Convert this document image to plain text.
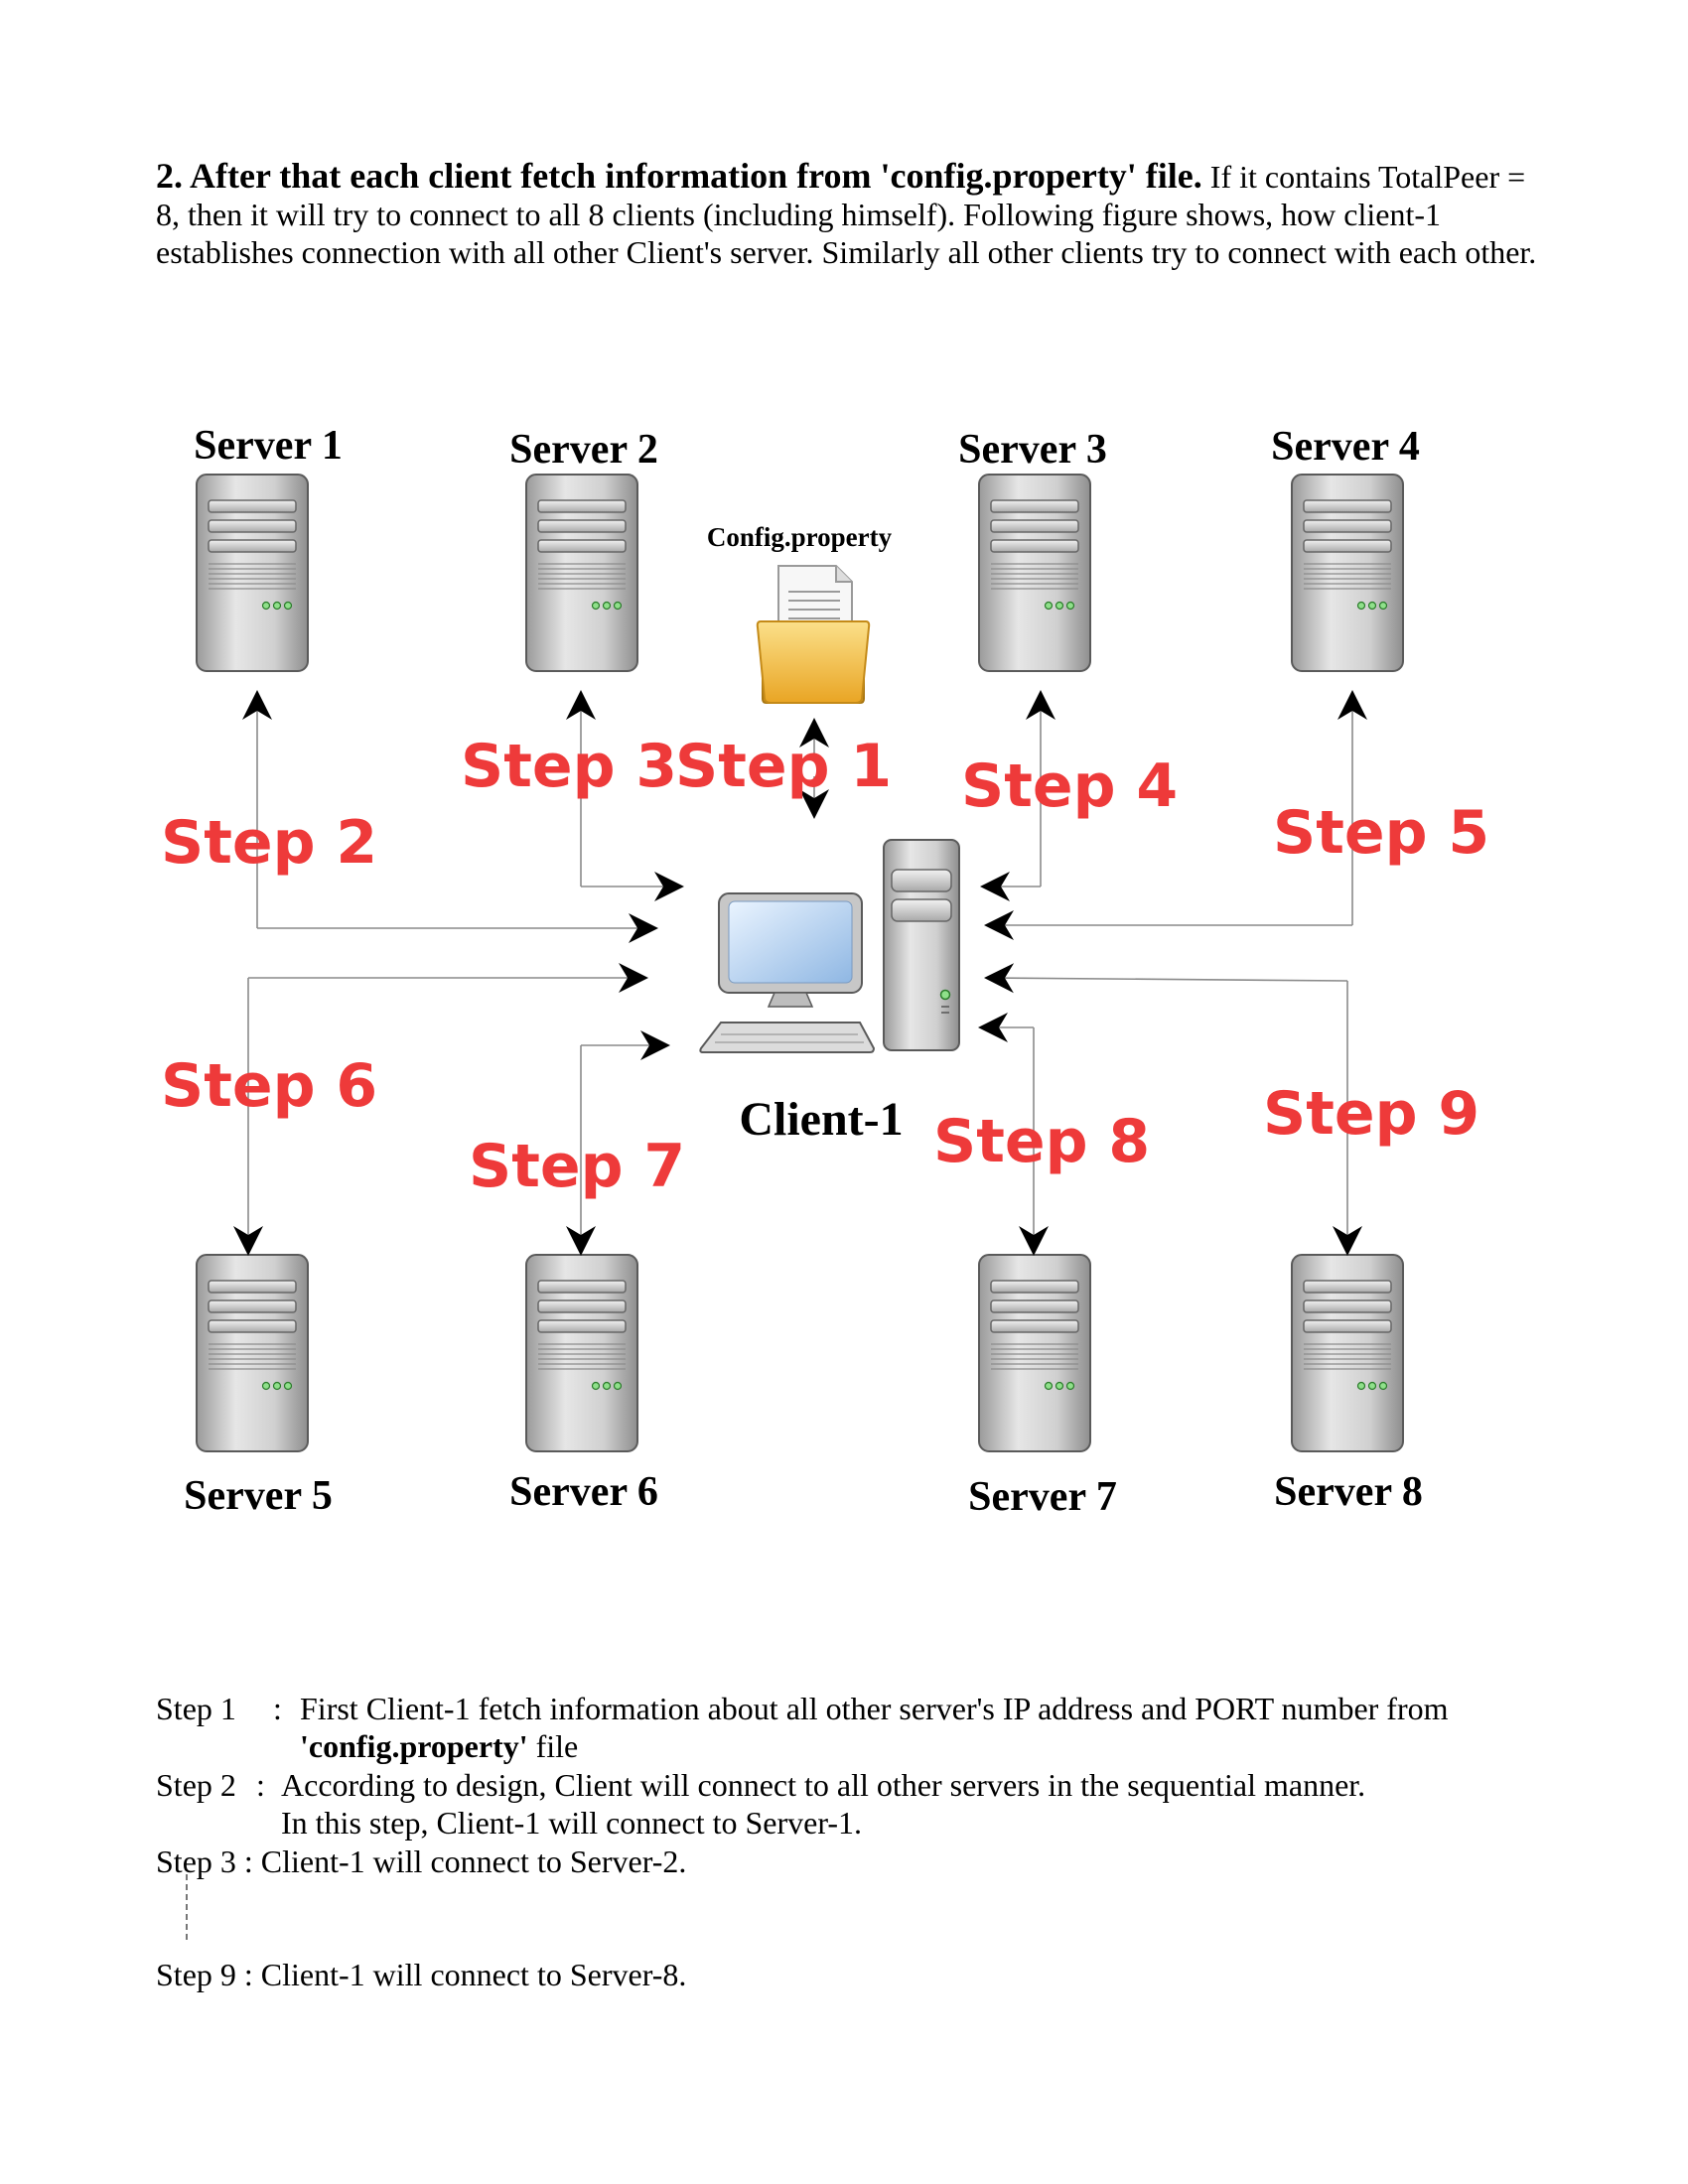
2. After that each client fetch information from 'config.property' file. If it contains TotalPeer = 8, then it will try to connect to all 8 clients (including himself). Following figure shows, how client-1 establishes connection with all other Client's server. Similarly all other clients try to connect with each other.
Server 1	Server 2	Server 3	Server 4
Server 5	Server 6	Server 7	Server 8
Config.property
Client-1
Step 1
Step 2
Step 3	Step 4
Step 5
Step 6
Step 7	Step 8 Step 9
Step 1 : First Client-1 fetch information about all other server's IP address and PORT number from
'config.property' file
Step 2 : According to design, Client will connect to all other servers in the sequential manner.
In this step, Client-1 will connect to Server-1.
Step 3 : Client-1 will connect to Server-2.
Step 9 : Client-1 will connect to Server-8.
